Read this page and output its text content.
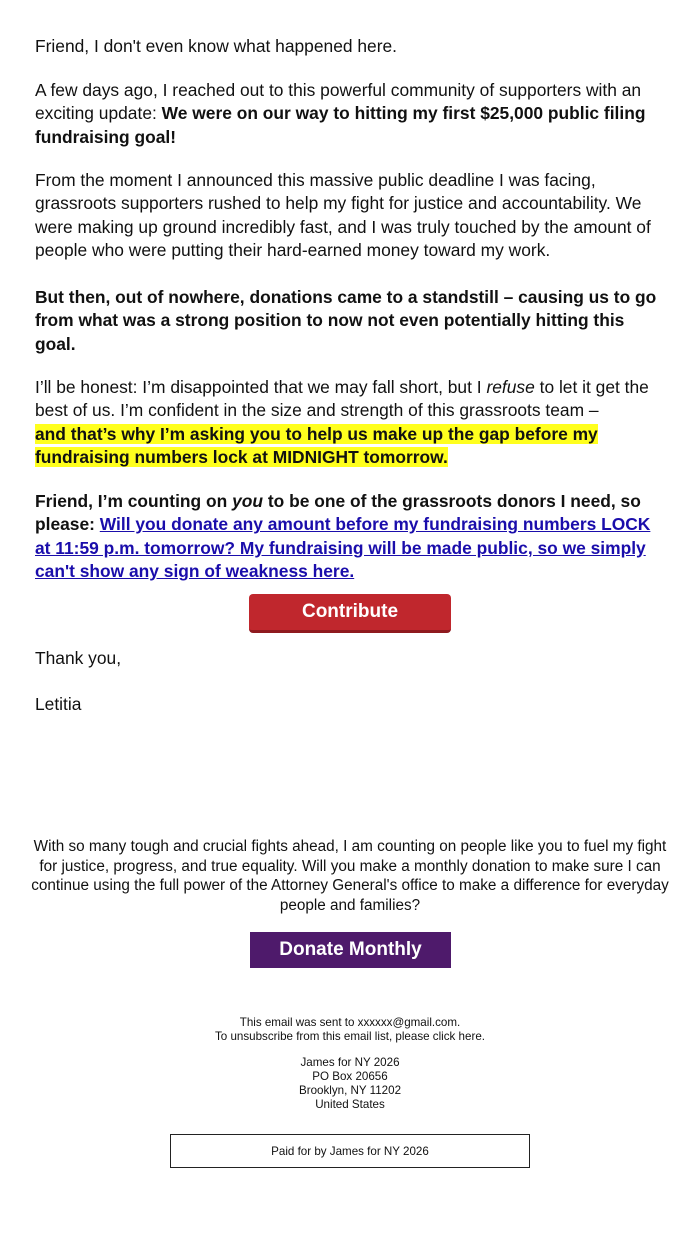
Friend, I don't even know what happened here.

A few days ago, I reached out to this powerful community of supporters with an exciting update: We were on our way to hitting my first $25,000 public filing fundraising goal!

From the moment I announced this massive public deadline I was facing, grassroots supporters rushed to help my fight for justice and accountability. We were making up ground incredibly fast, and I was truly touched by the amount of people who were putting their hard-earned money toward my work.

But then, out of nowhere, donations came to a standstill – causing us to go from what was a strong position to now not even potentially hitting this goal.

I’ll be honest: I’m disappointed that we may fall short, but I refuse to let it get the best of us. I’m confident in the size and strength of this grassroots team –
and that’s why I’m asking you to help us make up the gap before my fundraising numbers lock at MIDNIGHT tomorrow.

Friend, I’m counting on you to be one of the grassroots donors I need, so please: Will you donate any amount before my fundraising numbers LOCK at 11:59 p.m. tomorrow? My fundraising will be made public, so we simply can't show any sign of weakness here.

Thank you,

Letitia

Contribute
With so many tough and crucial fights ahead, I am counting on people like you to fuel my fight for justice, progress, and true equality. Will you make a monthly donation to make sure I can continue using the full power of the Attorney General's office to make a difference for everyday people and families?
Donate Monthly
This email was sent to xxxxxx@gmail.com.
To unsubscribe from this email list, please click here.
James for NY 2026
PO Box 20656
Brooklyn, NY 11202
United States
Paid for by James for NY 2026
